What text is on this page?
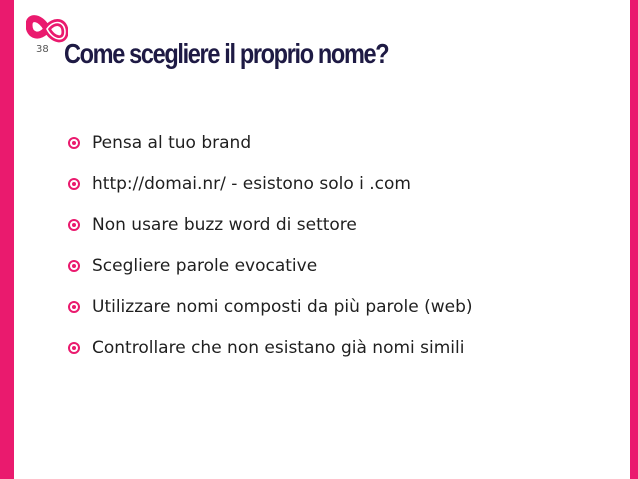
38 Come scegliere il proprio nome?
Pensa al tuo brand
http://domai.nr/ - esistono solo i .com
Non usare buzz word di settore
Scegliere parole evocative
Utilizzare nomi composti da più parole (web)
Controllare che non esistano già nomi simili
